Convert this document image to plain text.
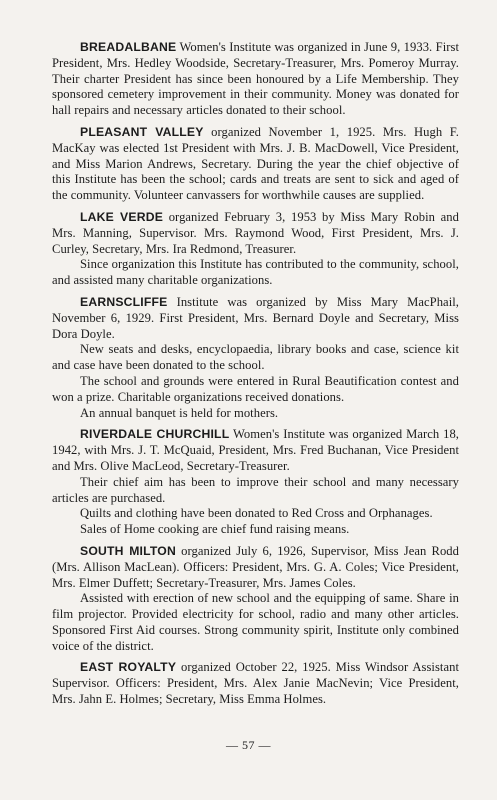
BREADALBANE Women's Institute was organized in June 9, 1933. First President, Mrs. Hedley Woodside, Secretary-Treasurer, Mrs. Pomeroy Murray. Their charter President has since been honoured by a Life Membership. They sponsored cemetery improvement in their community. Money was donated for hall repairs and necessary articles donated to their school.

PLEASANT VALLEY organized November 1, 1925. Mrs. Hugh F. MacKay was elected 1st President with Mrs. J. B. MacDowell, Vice President, and Miss Marion Andrews, Secretary. During the year the chief objective of this Institute has been the school; cards and treats are sent to sick and aged of the community. Volunteer canvassers for worthwhile causes are supplied.

LAKE VERDE organized February 3, 1953 by Miss Mary Robin and Mrs. Manning, Supervisor. Mrs. Raymond Wood, First President, Mrs. J. Curley, Secretary, Mrs. Ira Redmond, Treasurer.

Since organization this Institute has contributed to the community, school, and assisted many charitable organizations.

EARNSCLIFFE Institute was organized by Miss Mary MacPhail, November 6, 1929. First President, Mrs. Bernard Doyle and Secretary, Miss Dora Doyle.

New seats and desks, encyclopaedia, library books and case, science kit and case have been donated to the school.

The school and grounds were entered in Rural Beautification contest and won a prize. Charitable organizations received donations.

An annual banquet is held for mothers.

RIVERDALE CHURCHILL Women's Institute was organized March 18, 1942, with Mrs. J. T. McQuaid, President, Mrs. Fred Buchanan, Vice President and Mrs. Olive MacLeod, Secretary-Treasurer.

Their chief aim has been to improve their school and many necessary articles are purchased.

Quilts and clothing have been donated to Red Cross and Orphanages.

Sales of Home cooking are chief fund raising means.

SOUTH MILTON organized July 6, 1926, Supervisor, Miss Jean Rodd (Mrs. Allison MacLean). Officers: President, Mrs. G. A. Coles; Vice President, Mrs. Elmer Duffett; Secretary-Treasurer, Mrs. James Coles.

Assisted with erection of new school and the equipping of same. Share in film projector. Provided electricity for school, radio and many other articles. Sponsored First Aid courses. Strong community spirit, Institute only combined voice of the district.

EAST ROYALTY organized October 22, 1925. Miss Windsor Assistant Supervisor. Officers: President, Mrs. Alex Janie MacNevin; Vice President, Mrs. Jahn E. Holmes; Secretary, Miss Emma Holmes.

— 57 —
